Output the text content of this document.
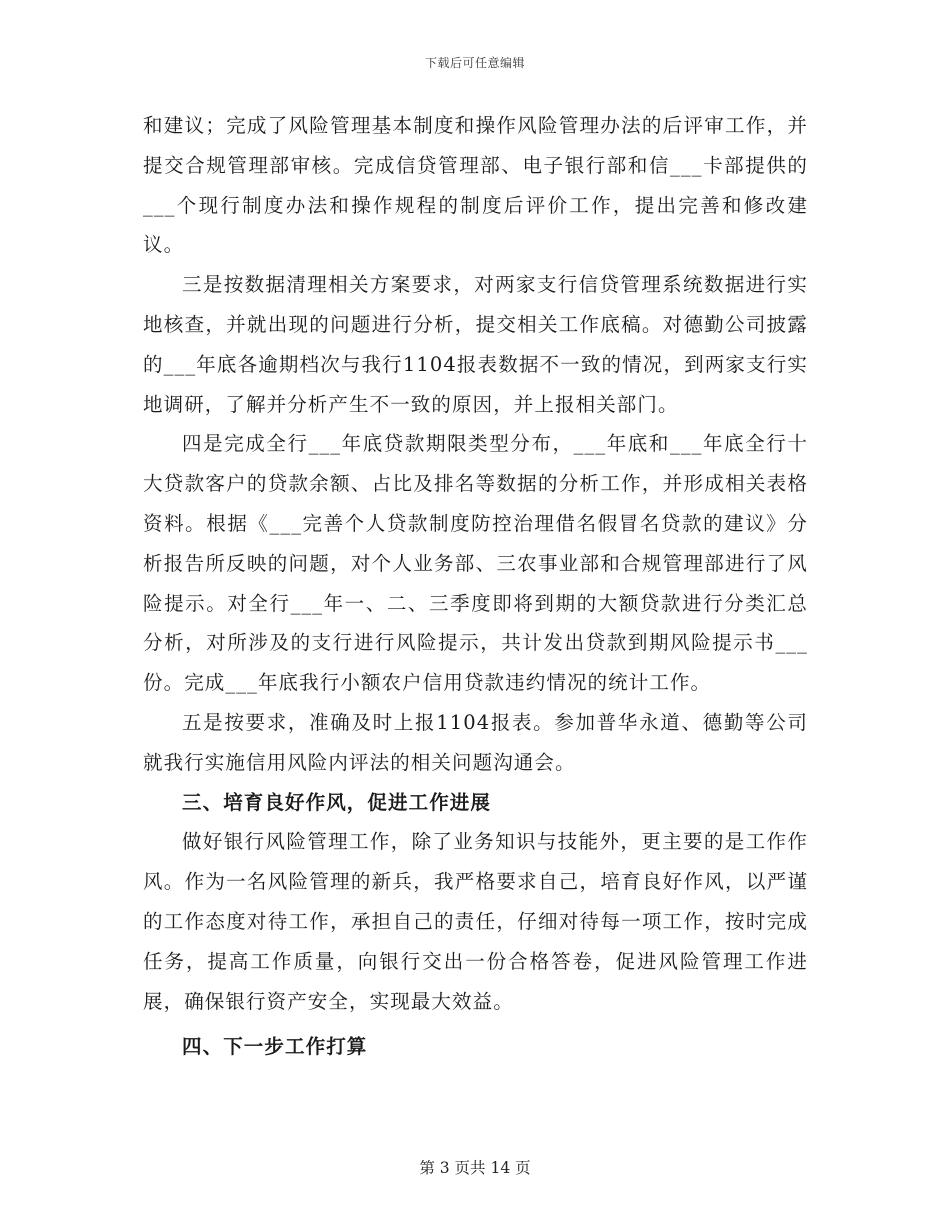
下载后可任意编辑

和建议；完成了风险管理基本制度和操作风险管理办法的后评审工作，并提交合规管理部审核。完成信贷管理部、电子银行部和信___卡部提供的___个现行制度办法和操作规程的制度后评价工作，提出完善和修改建议。

三是按数据清理相关方案要求，对两家支行信贷管理系统数据进行实地核查，并就出现的问题进行分析，提交相关工作底稿。对德勤公司披露的___年底各逾期档次与我行1104报表数据不一致的情况，到两家支行实地调研，了解并分析产生不一致的原因，并上报相关部门。

四是完成全行___年底贷款期限类型分布，___年底和___年底全行十大贷款客户的贷款余额、占比及排名等数据的分析工作，并形成相关表格资料。根据《___完善个人贷款制度防控治理借名假冒名贷款的建议》分析报告所反映的问题，对个人业务部、三农事业部和合规管理部进行了风险提示。对全行___年一、二、三季度即将到期的大额贷款进行分类汇总分析，对所涉及的支行进行风险提示，共计发出贷款到期风险提示书___份。完成___年底我行小额农户信用贷款违约情况的统计工作。

五是按要求，准确及时上报1104报表。参加普华永道、德勤等公司就我行实施信用风险内评法的相关问题沟通会。

三、培育良好作风，促进工作进展

做好银行风险管理工作，除了业务知识与技能外，更主要的是工作作风。作为一名风险管理的新兵，我严格要求自己，培育良好作风，以严谨的工作态度对待工作，承担自己的责任，仔细对待每一项工作，按时完成任务，提高工作质量，向银行交出一份合格答卷，促进风险管理工作进展，确保银行资产安全，实现最大效益。

四、下一步工作打算
第 3 页共 14 页
